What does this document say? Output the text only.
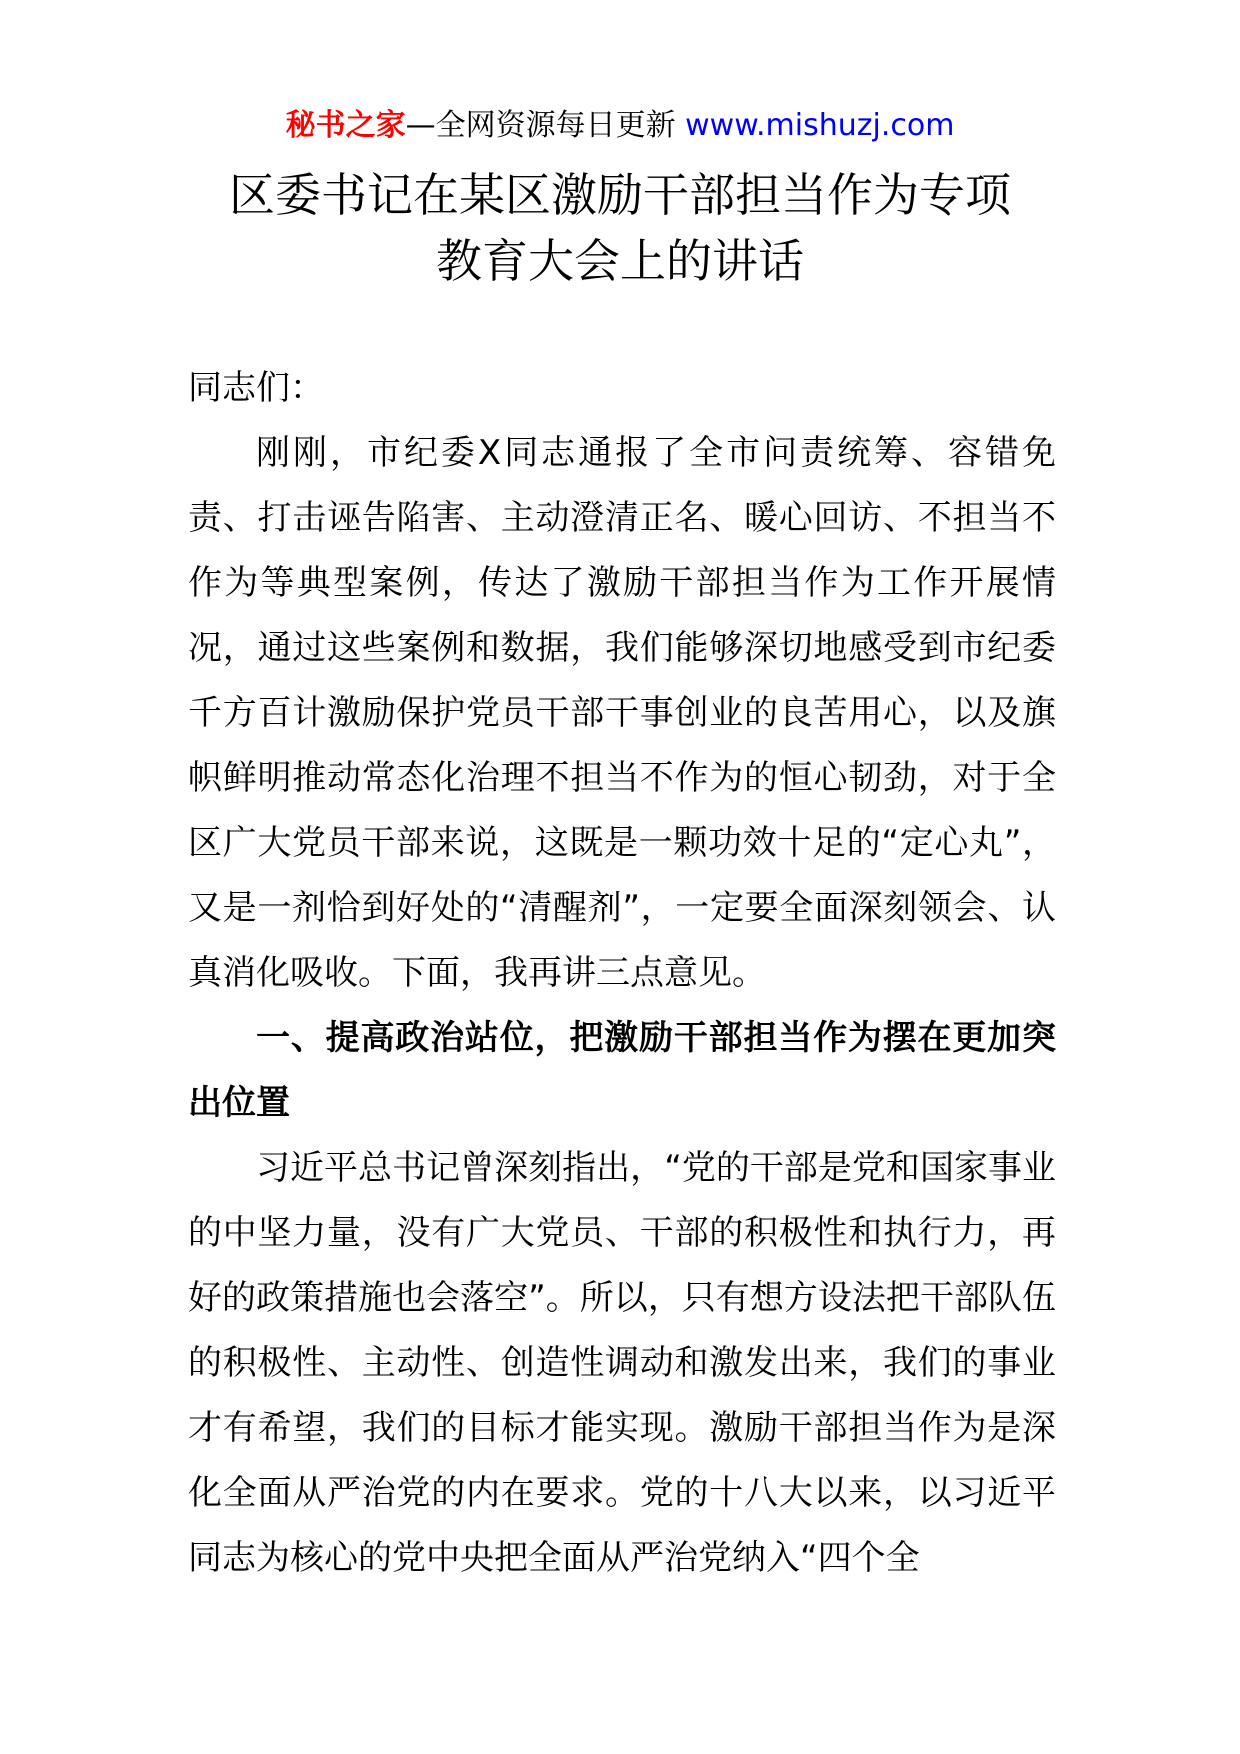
秘书之家—全网资源每日更新 www.mishuzj.com
区委书记在某区激励干部担当作为专项
教育大会上的讲话

同志们：

刚刚，市纪委X同志通报了全市问责统筹、容错免责、打击诬告陷害、主动澄清正名、暖心回访、不担当不作为等典型案例，传达了激励干部担当作为工作开展情况，通过这些案例和数据，我们能够深切地感受到市纪委千方百计激励保护党员干部干事创业的良苦用心，以及旗帜鲜明推动常态化治理不担当不作为的恒心韧劲，对于全区广大党员干部来说，这既是一颗功效十足的“定心丸”，又是一剂恰到好处的“清醒剂”，一定要全面深刻领会、认真消化吸收。下面，我再讲三点意见。

一、提高政治站位，把激励干部担当作为摆在更加突出位置

习近平总书记曾深刻指出，“党的干部是党和国家事业的中坚力量，没有广大党员、干部的积极性和执行力，再好的政策措施也会落空”。所以，只有想方设法把干部队伍的积极性、主动性、创造性调动和激发出来，我们的事业才有希望，我们的目标才能实现。激励干部担当作为是深化全面从严治党的内在要求。党的十八大以来，以习近平同志为核心的党中央把全面从严治党纳入“四个全
